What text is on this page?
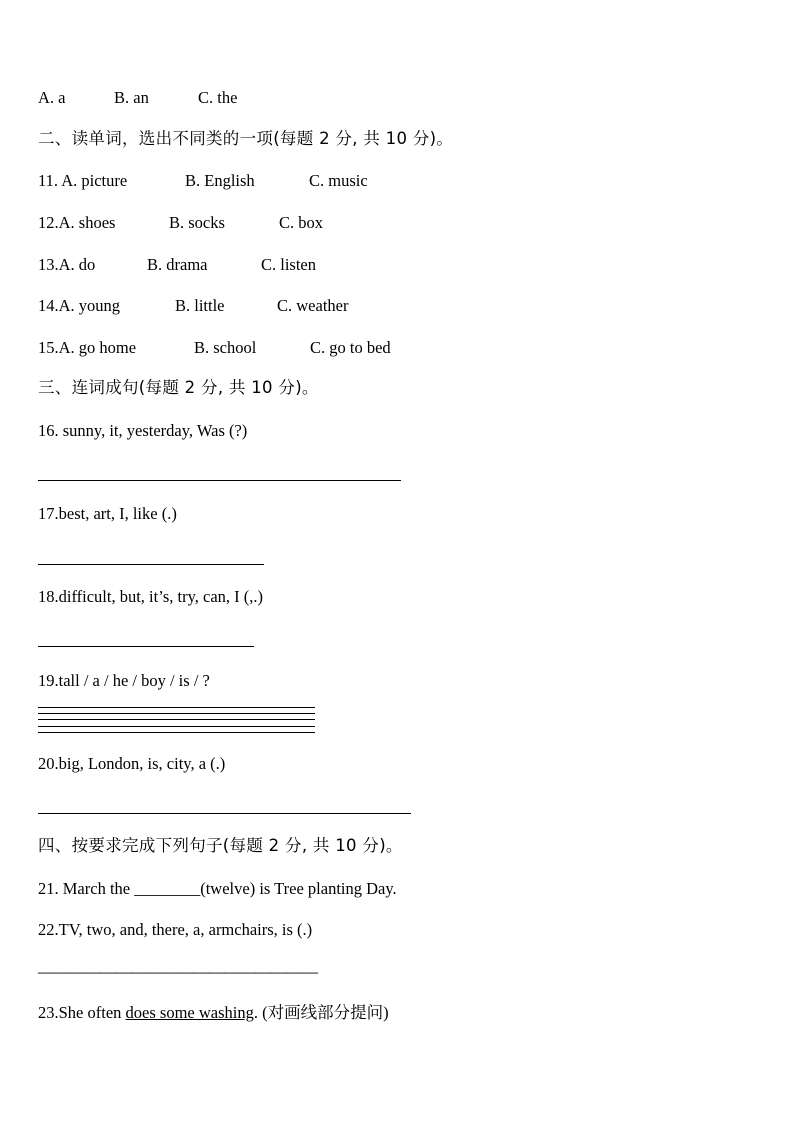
A. a	B. an	C. the
二、读单词，选出不同类的一项(每题 2 分, 共 10 分)。
11. A. picture	B. English	C. music
12.A. shoes	B. socks	C. box
13.A. do	B. drama	C. listen
14.A. young	B. little	C. weather
15.A. go home	B. school	C. go to bed
三、连词成句(每题 2 分, 共 10 分)。
16. sunny, it, yesterday, Was (?)
17.best, art, I, like (.)
18.difficult, but, it’s, try, can, I (,.)
19.tall / a / he / boy / is / ?
20.big, London, is, city, a (.)
四、按要求完成下列句子(每题 2 分, 共 10 分)。
21. March the ________(twelve) is Tree planting Day.
22.TV, two, and, there, a, armchairs, is (.)
——————————————————
23.She often does some washing. (对画线部分提问)
